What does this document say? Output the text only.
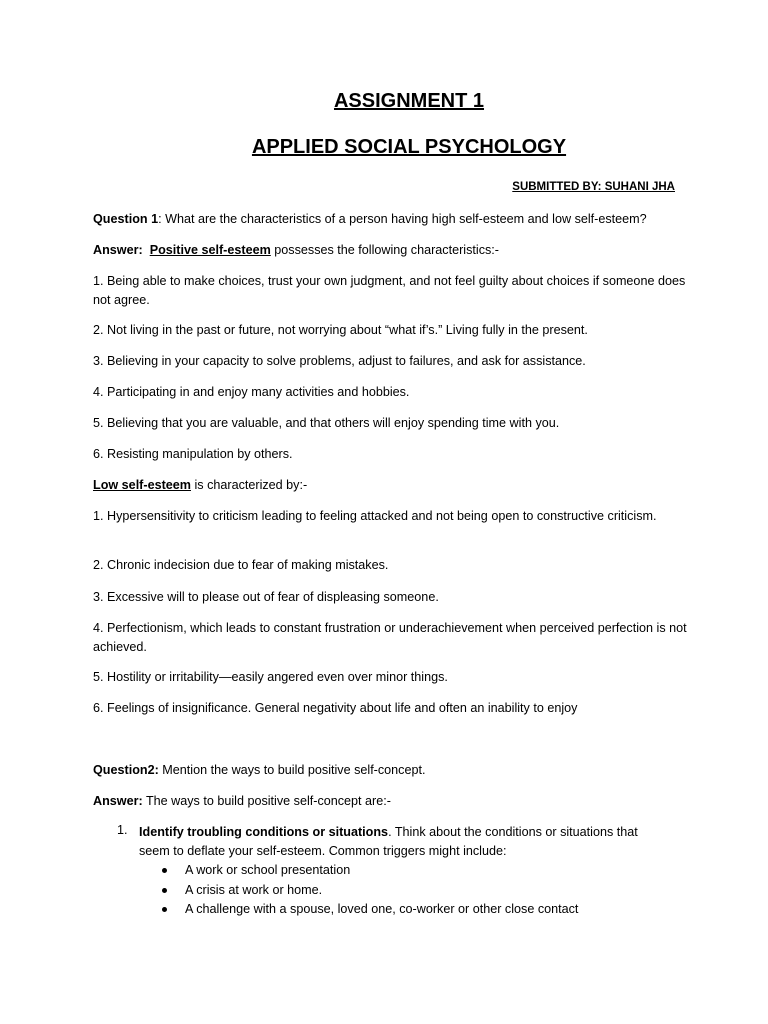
ASSIGNMENT 1
APPLIED SOCIAL PSYCHOLOGY
SUBMITTED BY: SUHANI JHA
Question 1: What are the characteristics of a person having high self-esteem and low self-esteem?
Answer: Positive self-esteem possesses the following characteristics:-
1. Being able to make choices, trust your own judgment, and not feel guilty about choices if someone does not agree.
2. Not living in the past or future, not worrying about “what if’s.” Living fully in the present.
3. Believing in your capacity to solve problems, adjust to failures, and ask for assistance.
4. Participating in and enjoy many activities and hobbies.
5. Believing that you are valuable, and that others will enjoy spending time with you.
6. Resisting manipulation by others.
Low self-esteem is characterized by:-
1. Hypersensitivity to criticism leading to feeling attacked and not being open to constructive criticism.
2. Chronic indecision due to fear of making mistakes.
3. Excessive will to please out of fear of displeasing someone.
4. Perfectionism, which leads to constant frustration or underachievement when perceived perfection is not achieved.
5. Hostility or irritability—easily angered even over minor things.
6. Feelings of insignificance. General negativity about life and often an inability to enjoy
Question2: Mention the ways to build positive self-concept.
Answer: The ways to build positive self-concept are:-
1. Identify troubling conditions or situations. Think about the conditions or situations that seem to deflate your self-esteem. Common triggers might include:
A work or school presentation
A crisis at work or home.
A challenge with a spouse, loved one, co-worker or other close contact
